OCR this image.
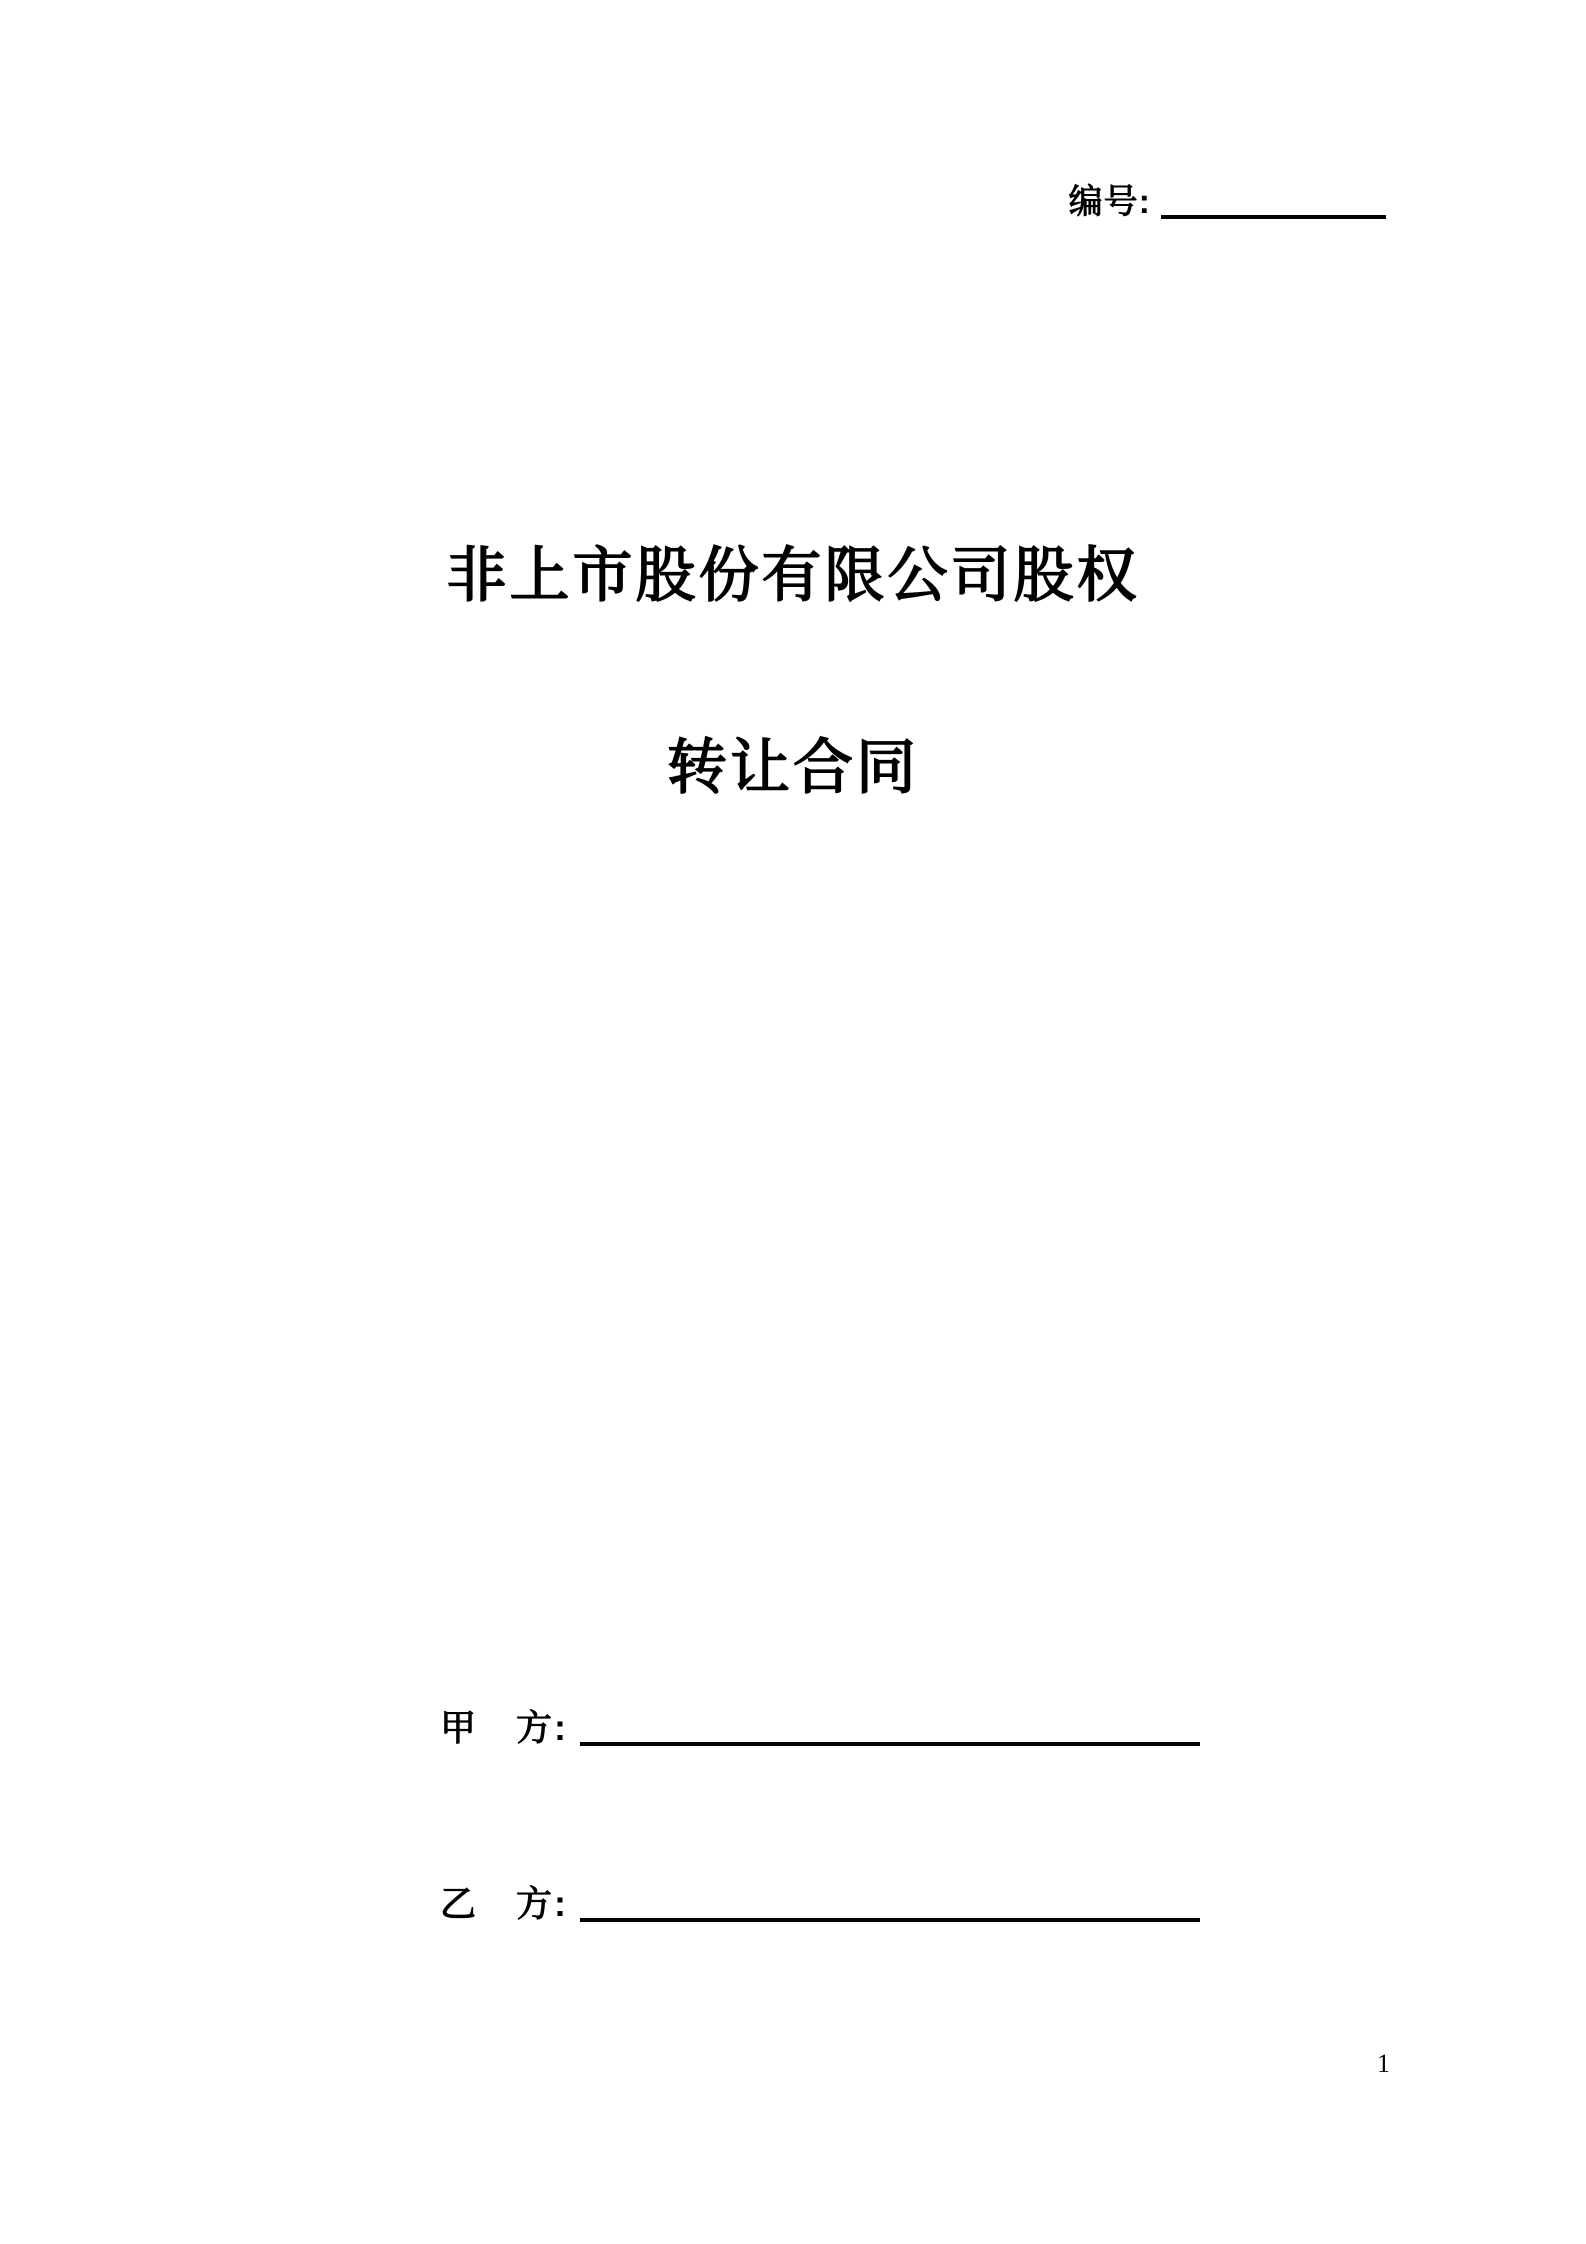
编号:
非上市股份有限公司股权
转让合同
甲　方:
乙　方:
1
